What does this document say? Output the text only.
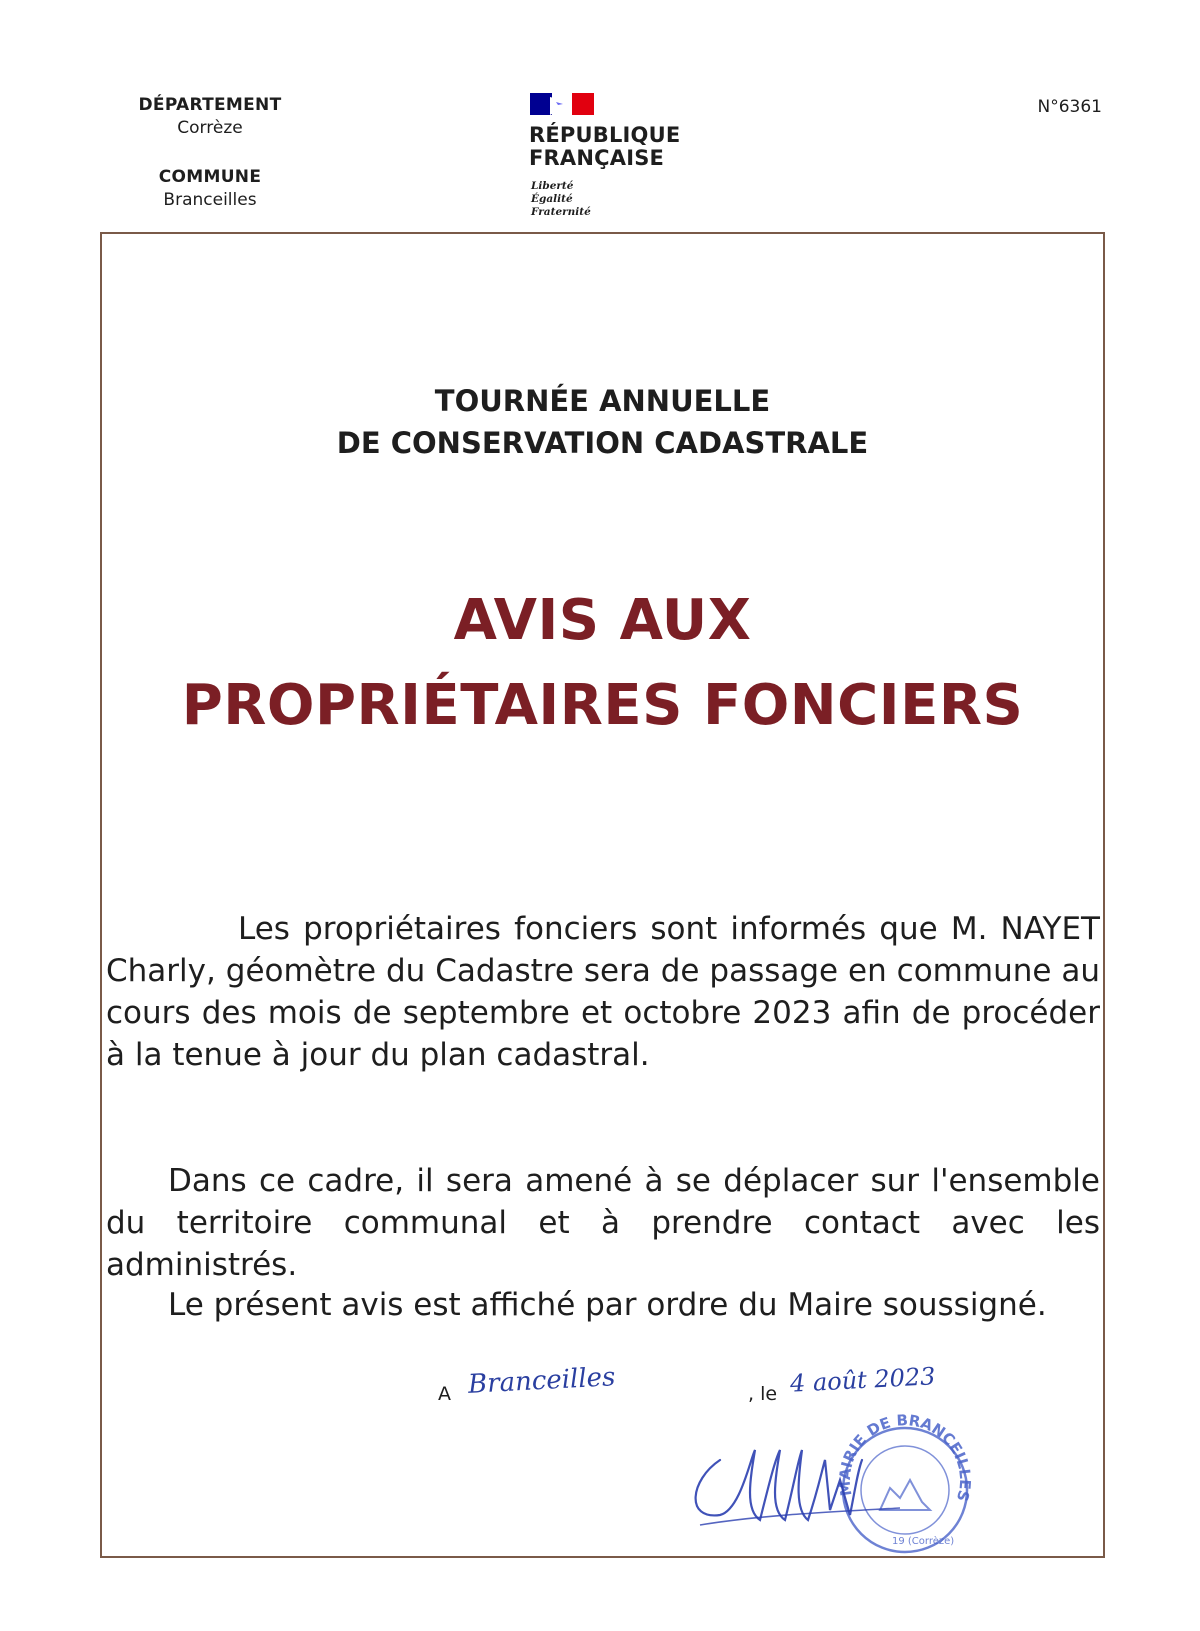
DÉPARTEMENT
Corrèze
COMMUNE
Branceilles
RÉPUBLIQUE
FRANÇAISE
Liberté
Égalité
Fraternité
N°6361
TOURNÉE ANNUELLE
DE CONSERVATION CADASTRALE
AVIS AUX
PROPRIÉTAIRES FONCIERS
Les propriétaires fonciers sont informés que M. NAYET Charly, géomètre du Cadastre sera de passage en commune au cours des mois de septembre et octobre 2023 afin de procéder à la tenue à jour du plan cadastral.
Dans ce cadre, il sera amené à se déplacer sur l'ensemble du territoire communal et à prendre contact avec les administrés.
Le présent avis est affiché par ordre du Maire soussigné.
A Branceilles	, le 4 août 2023
MAIRIE DE BRANCEILLES
19 (Corrèze)
